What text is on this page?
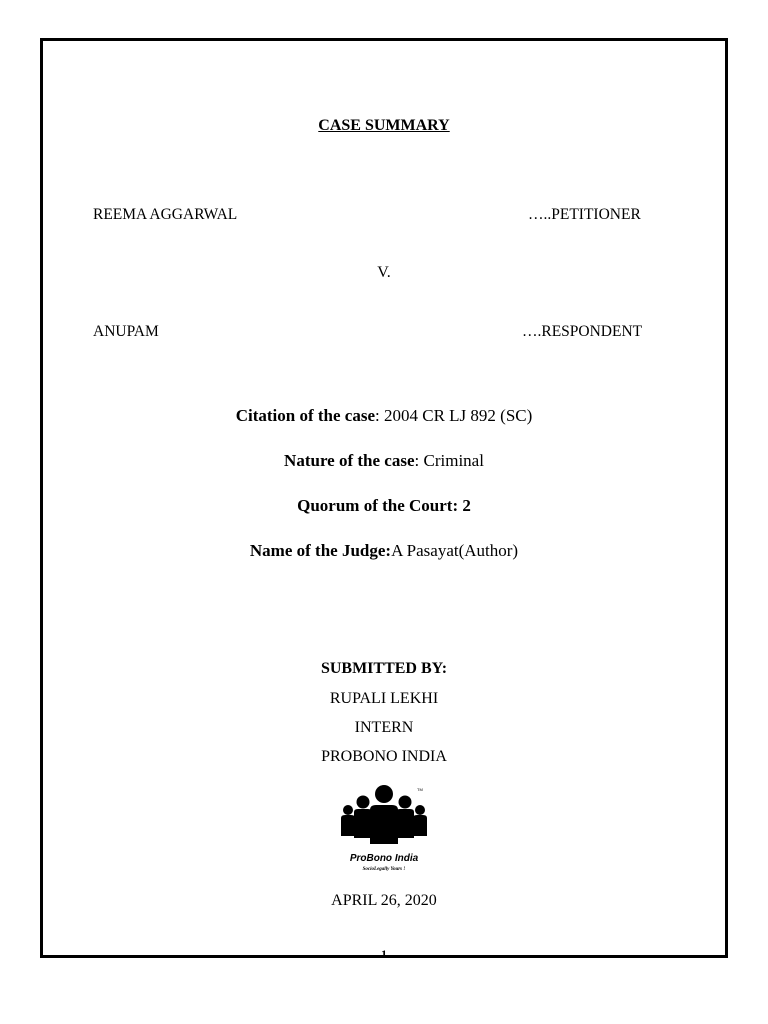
CASE SUMMARY
REEMA AGGARWAL	…..PETITIONER
V.
ANUPAM	….RESPONDENT
Citation of the case: 2004 CR LJ 892 (SC)
Nature of the case: Criminal
Quorum of the Court: 2
Name of the Judge:A Pasayat(Author)
SUBMITTED BY:
RUPALI LEKHI
INTERN
PROBONO INDIA
TM
ProBono India
SocioLegally Yours !
APRIL 26, 2020
1
